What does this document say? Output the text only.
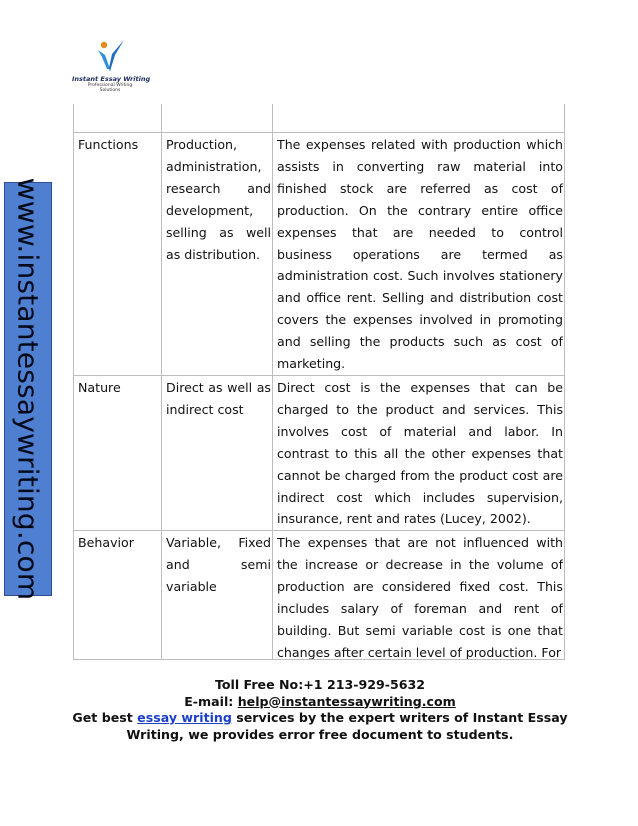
Instant Essay Writing
Professional Writing
Solutions
www.instantessaywriting.com

Functions	Production, administration, research and development, selling as well as distribution.	The expenses related with production which assists in converting raw material into finished stock are referred as cost of production. On the contrary entire office expenses that are needed to control business operations are termed as administration cost. Such involves stationery and office rent. Selling and distribution cost covers the expenses involved in promoting and selling the products such as cost of marketing.

Nature	Direct as well as indirect cost	Direct cost is the expenses that can be charged to the product and services. This involves cost of material and labor. In contrast to this all the other expenses that cannot be charged from the product cost are indirect cost which includes supervision, insurance, rent and rates (Lucey, 2002).

Behavior	Variable, Fixed and semi variable	The expenses that are not influenced with the increase or decrease in the volume of production are considered fixed cost. This includes salary of foreman and rent of building. But semi variable cost is one that changes after certain level of production. For
Toll Free No:+1 213-929-5632
E-mail: help@instantessaywriting.com
Get best essay writing services by the expert writers of Instant Essay Writing, we provides error free document to students.
